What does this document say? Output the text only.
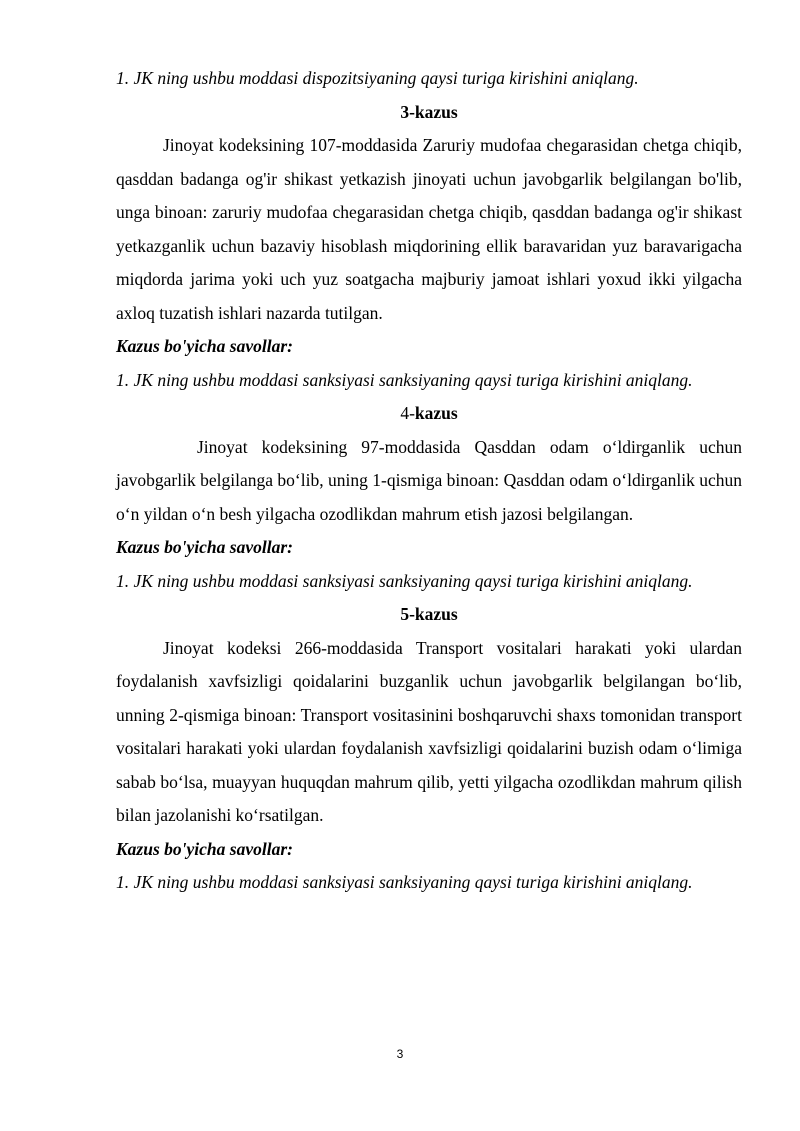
1. JK ning ushbu moddasi dispozitsiyaning qaysi turiga kirishini aniqlang.

3-kazus

Jinoyat kodeksining 107-moddasida Zaruriy mudofaa chegarasidan chetga chiqib, qasddan badanga og'ir shikast yetkazish jinoyati uchun javobgarlik belgilangan bo'lib, unga binoan: zaruriy mudofaa chegarasidan chetga chiqib, qasddan badanga og'ir shikast yetkazganlik uchun bazaviy hisoblash miqdorining ellik baravaridan yuz baravarigacha miqdorda jarima yoki uch yuz soatgacha majburiy jamoat ishlari yoxud ikki yilgacha axloq tuzatish ishlari nazarda tutilgan.

Kazus bo'yicha savollar:

1. JK ning ushbu moddasi sanksiyasi sanksiyaning qaysi turiga kirishini aniqlang.

4-kazus

Jinoyat kodeksining 97-moddasida Qasddan odam o‘ldirganlik uchun javobgarlik belgilanga bo‘lib, uning 1-qismiga binoan: Qasddan odam o‘ldirganlik uchun o‘n yildan o‘n besh yilgacha ozodlikdan mahrum etish jazosi belgilangan.

Kazus bo'yicha savollar:

1. JK ning ushbu moddasi sanksiyasi sanksiyaning qaysi turiga kirishini aniqlang.

5-kazus

Jinoyat kodeksi 266-moddasida Transport vositalari harakati yoki ulardan foydalanish xavfsizligi qoidalarini buzganlik uchun javobgarlik belgilangan bo‘lib, unning 2-qismiga binoan: Transport vositasinini boshqaruvchi shaxs tomonidan transport vositalari harakati yoki ulardan foydalanish xavfsizligi qoidalarini buzish odam o‘limiga sabab bo‘lsa, muayyan huquqdan mahrum qilib, yetti yilgacha ozodlikdan mahrum qilish bilan jazolanishi ko‘rsatilgan.

Kazus bo'yicha savollar:

1. JK ning ushbu moddasi sanksiyasi sanksiyaning qaysi turiga kirishini aniqlang.

3
